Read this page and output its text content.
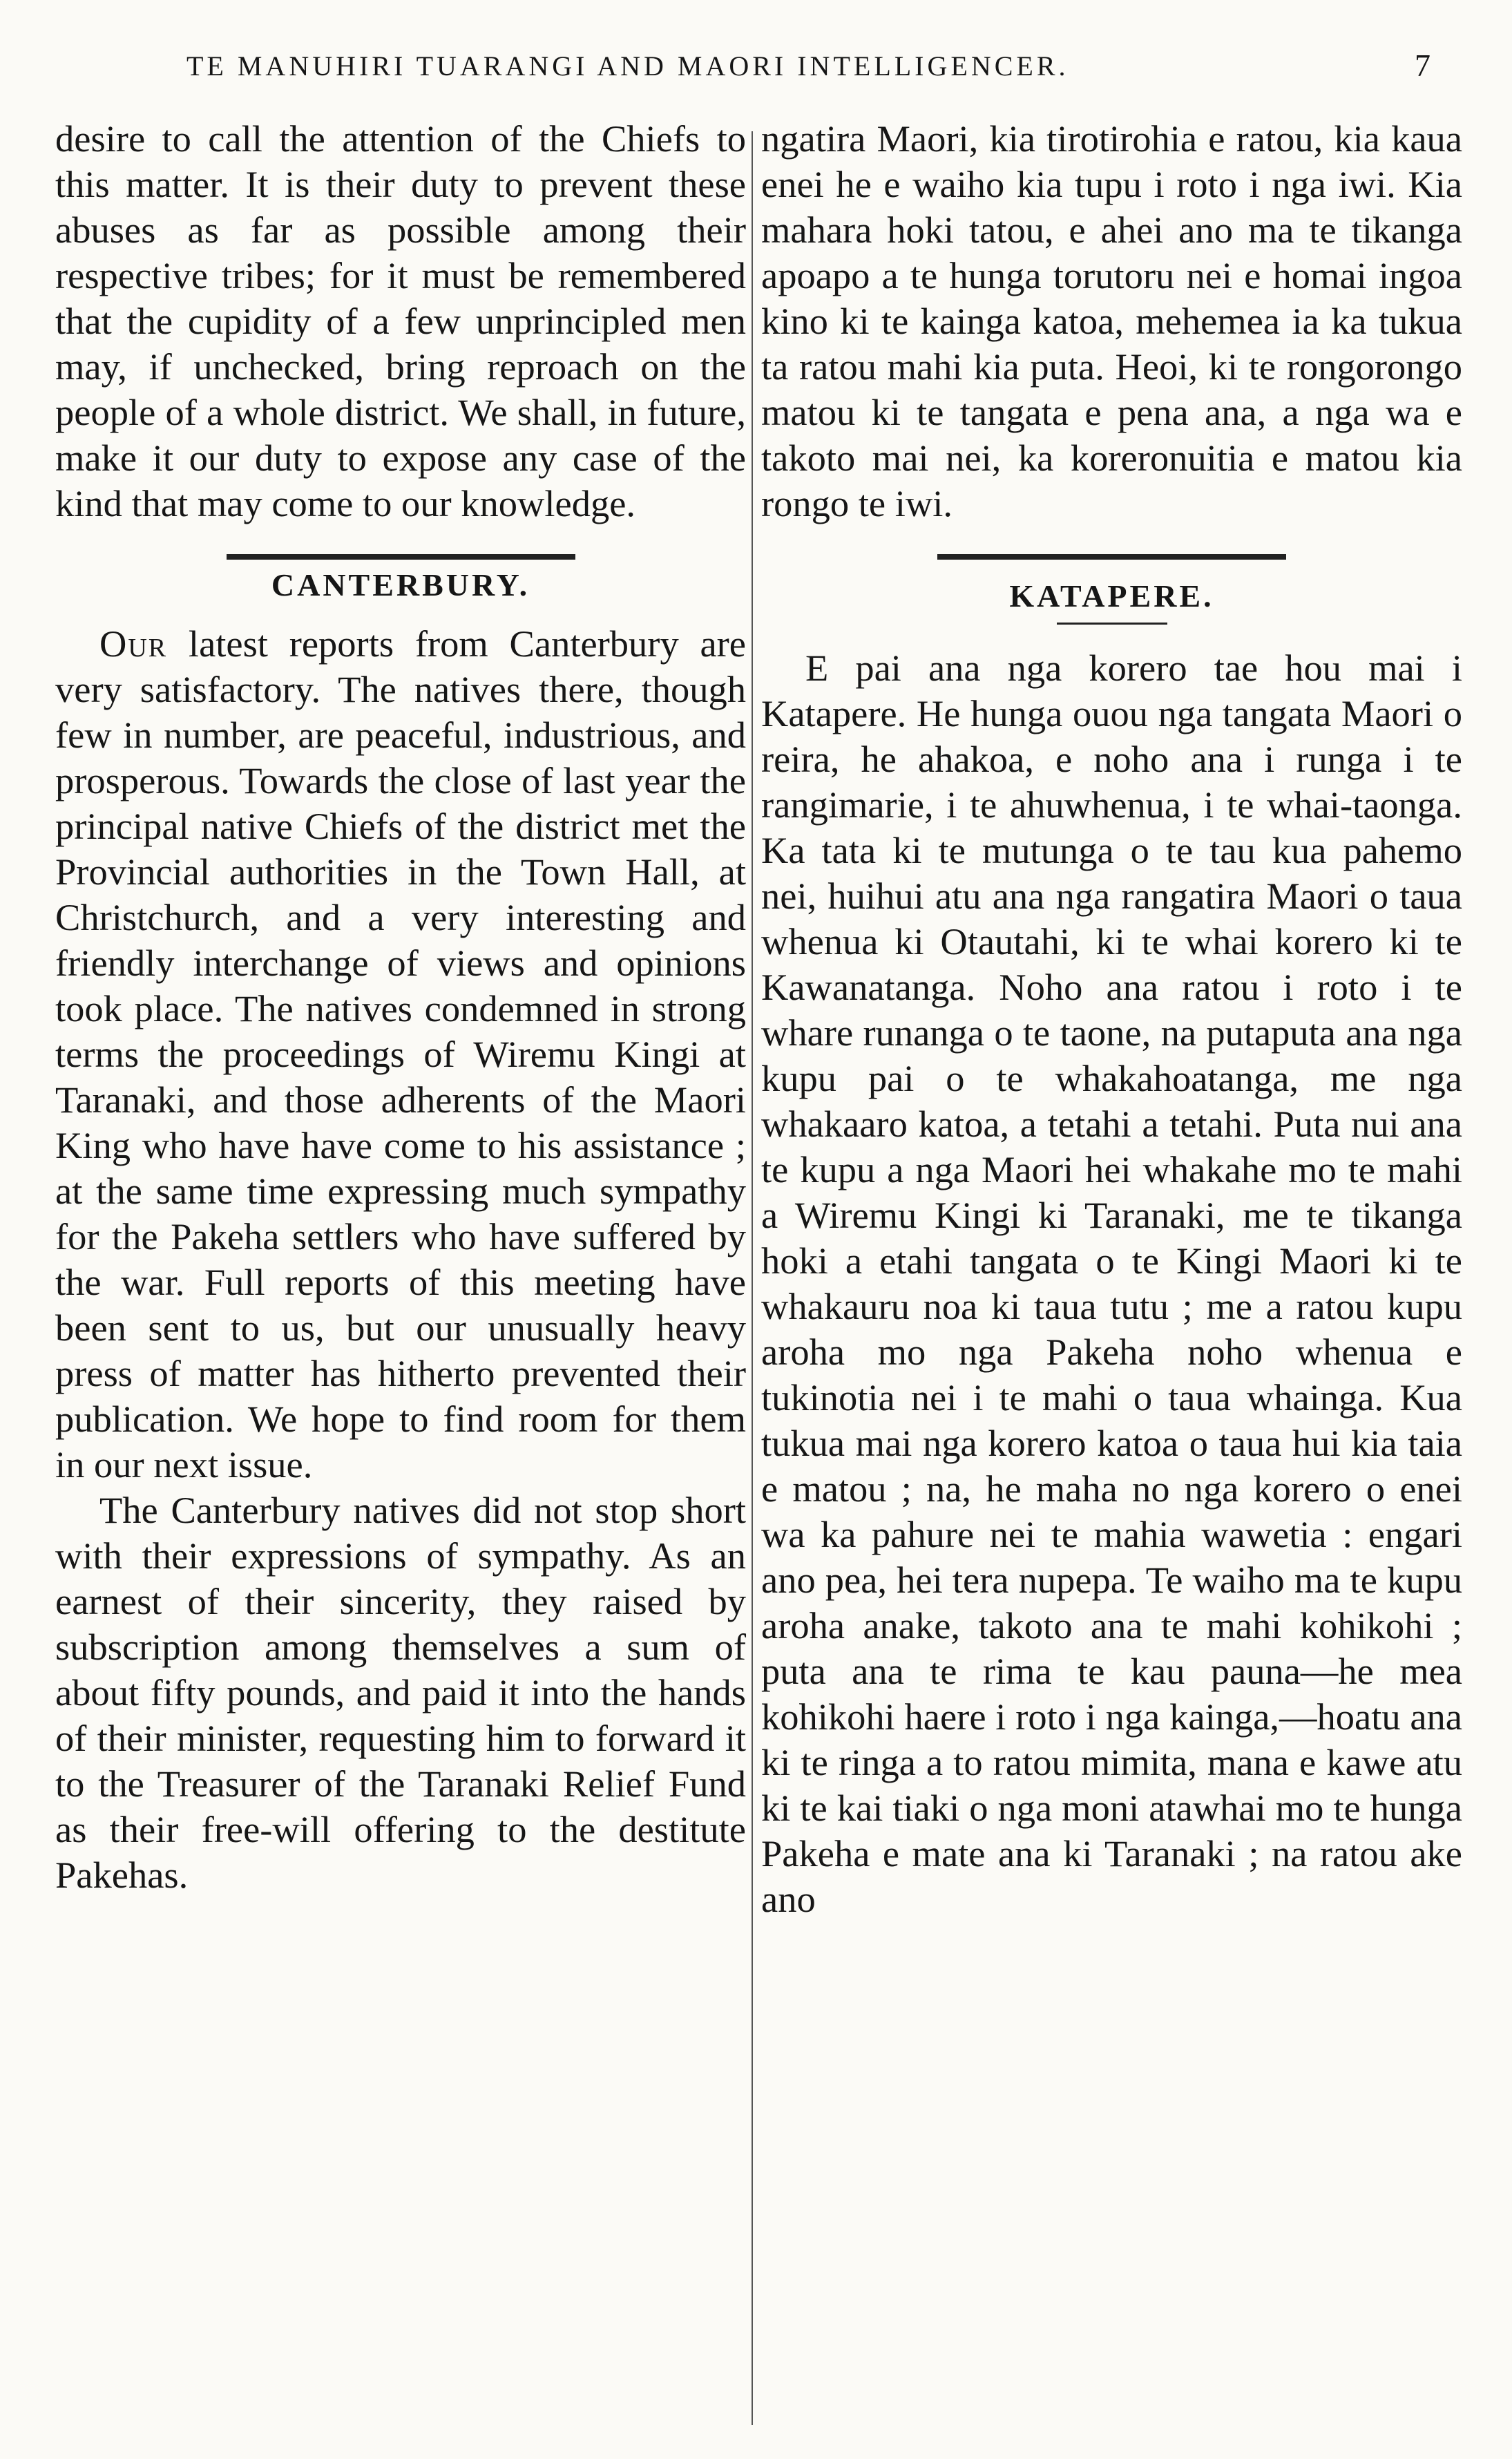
TE MANUHIRI TUARANGI AND MAORI INTELLIGENCER.	7

desire to call the attention of the Chiefs to this matter. It is their duty to prevent these abuses as far as possible among their respective tribes; for it must be remembered that the cupidity of a few unprincipled men may, if unchecked, bring reproach on the people of a whole district. We shall, in future, make it our duty to expose any case of the kind that may come to our knowledge.

CANTERBURY.

Our latest reports from Canterbury are very satisfactory. The natives there, though few in number, are peaceful, industrious, and prosperous. Towards the close of last year the principal native Chiefs of the district met the Provincial authorities in the Town Hall, at Christchurch, and a very interesting and friendly interchange of views and opinions took place. The natives condemned in strong terms the proceedings of Wiremu Kingi at Taranaki, and those adherents of the Maori King who have have come to his assistance ; at the same time expressing much sympathy for the Pakeha settlers who have suffered by the war. Full reports of this meeting have been sent to us, but our unusually heavy press of matter has hitherto prevented their publication. We hope to find room for them in our next issue.

The Canterbury natives did not stop short with their expressions of sympathy. As an earnest of their sincerity, they raised by subscription among themselves a sum of about fifty pounds, and paid it into the hands of their minister, requesting him to forward it to the Treasurer of the Taranaki Relief Fund as their free-will offering to the destitute Pakehas.

ngatira Maori, kia tirotirohia e ratou, kia kaua enei he e waiho kia tupu i roto i nga iwi. Kia mahara hoki tatou, e ahei ano ma te tikanga apoapo a te hunga torutoru nei e homai ingoa kino ki te kainga katoa, mehemea ia ka tukua ta ratou mahi kia puta. Heoi, ki te rongorongo matou ki te tangata e pena ana, a nga wa e takoto mai nei, ka koreronuitia e matou kia rongo te iwi.

KATAPERE.

E pai ana nga korero tae hou mai i Katapere. He hunga ouou nga tangata Maori o reira, he ahakoa, e noho ana i runga i te rangimarie, i te ahuwhenua, i te whai-taonga. Ka tata ki te mutunga o te tau kua pahemo nei, huihui atu ana nga rangatira Maori o taua whenua ki Otautahi, ki te whai korero ki te Kawanatanga. Noho ana ratou i roto i te whare runanga o te taone, na putaputa ana nga kupu pai o te whakahoatanga, me nga whakaaro katoa, a tetahi a tetahi. Puta nui ana te kupu a nga Maori hei whakahe mo te mahi a Wiremu Kingi ki Taranaki, me te tikanga hoki a etahi tangata o te Kingi Maori ki te whakauru noa ki taua tutu ; me a ratou kupu aroha mo nga Pakeha noho whenua e tukinotia nei i te mahi o taua whainga. Kua tukua mai nga korero katoa o taua hui kia taia e matou ; na, he maha no nga korero o enei wa ka pahure nei te mahia wawetia : engari ano pea, hei tera nupepa. Te waiho ma te kupu aroha anake, takoto ana te mahi kohikohi ; puta ana te rima te kau pauna—he mea kohikohi haere i roto i nga kainga,—hoatu ana ki te ringa a to ratou mimita, mana e kawe atu ki te kai tiaki o nga moni atawhai mo te hunga Pakeha e mate ana ki Taranaki ; na ratou ake ano
